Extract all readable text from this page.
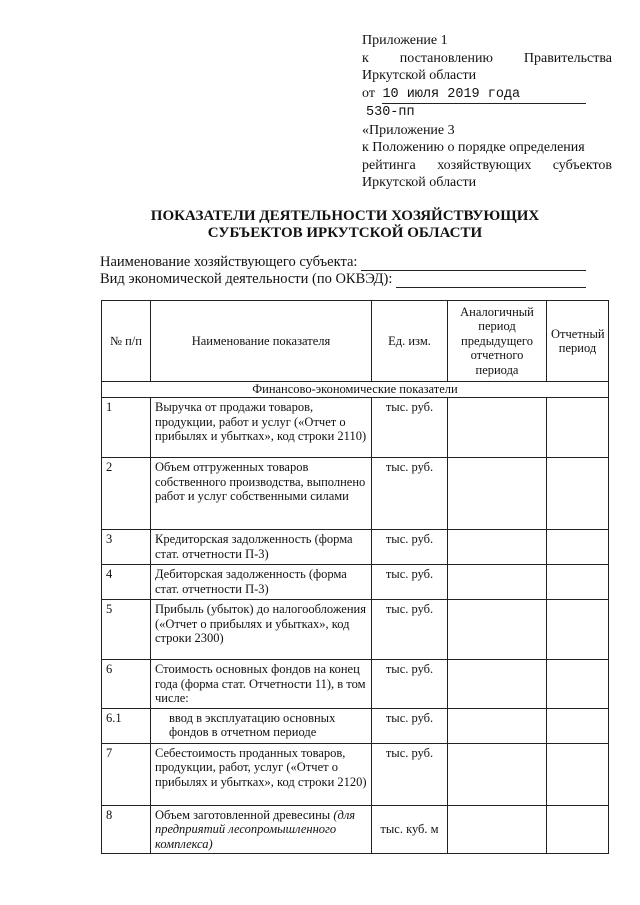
Приложение 1
к постановлению Правительства
Иркутской области
от 10 июля 2019 года
530-пп
«Приложение 3
к Положению о порядке определения
рейтинга хозяйствующих субъектов
Иркутской области
ПОКАЗАТЕЛИ ДЕЯТЕЛЬНОСТИ ХОЗЯЙСТВУЮЩИХ
СУБЪЕКТОВ ИРКУТСКОЙ ОБЛАСТИ
Наименование хозяйствующего субъекта:
Вид экономической деятельности (по ОКВЭД):
№ п/п	Наименование показателя	Ед. изм.	Аналогичный период предыдущего отчетного периода	Отчетный период
Финансово-экономические показатели				
1	Выручка от продажи товаров, продукции, работ и услуг («Отчет о прибылях и убытках», код строки 2110)	тыс. руб.		
2	Объем отгруженных товаров собственного производства, выполнено работ и услуг собственными силами	тыс. руб.		
3	Кредиторская задолженность (форма стат. отчетности П-3)	тыс. руб.		
4	Дебиторская задолженность (форма стат. отчетности П-3)	тыс. руб.		
5	Прибыль (убыток) до налогообложения («Отчет о прибылях и убытках», код строки 2300)	тыс. руб.		
6	Стоимость основных фондов на конец года (форма стат. Отчетности 11), в том числе:	тыс. руб.		
6.1	ввод в эксплуатацию основных фондов в отчетном периоде	тыс. руб.		
7	Себестоимость проданных товаров, продукции, работ, услуг («Отчет о прибылях и убытках», код строки 2120)	тыс. руб.		
8	Объем заготовленной древесины (для предприятий лесопромышленного комплекса)	тыс. куб. м		
